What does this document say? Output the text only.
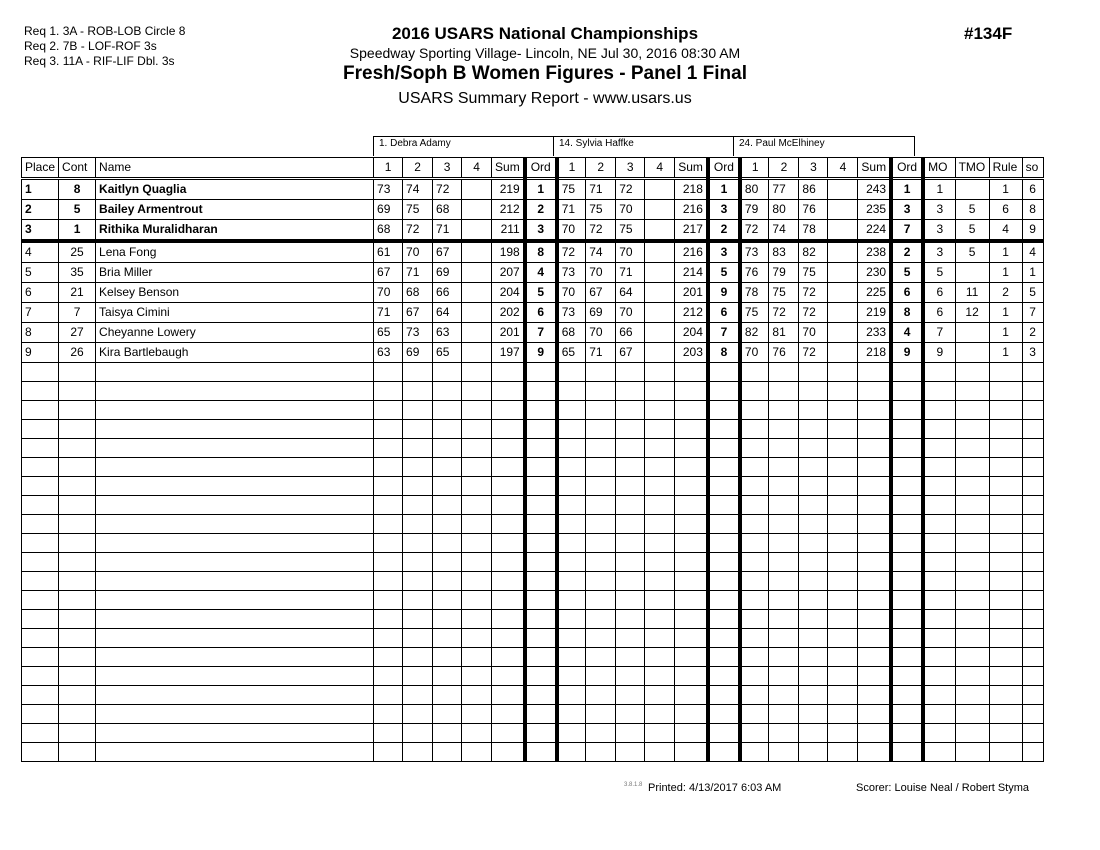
Req 1. 3A - ROB-LOB Circle 8
Req 2. 7B - LOF-ROF 3s
Req 3. 11A - RIF-LIF Dbl. 3s
2016 USARS National Championships
Speedway Sporting Village- Lincoln, NE Jul 30, 2016 08:30 AM
Fresh/Soph B Women Figures - Panel 1 Final
USARS Summary Report - www.usars.us
#134F
1. Debra Adamy	14. Sylvia Haffke	24. Paul McElhiney
Place	Cont	Name	1	2	3	4	Sum	Ord	1	2	3	4	Sum	Ord	1	2	3	4	Sum	Ord	MO	TMO	Rule	so
1	8	Kaitlyn Quaglia	73	74	72		219	1	75	71	72		218	1	80	77	86		243	1	1		1	6
2	5	Bailey Armentrout	69	75	68		212	2	71	75	70		216	3	79	80	76		235	3	3	5	6	8
3	1	Rithika Muralidharan	68	72	71		211	3	70	72	75		217	2	72	74	78		224	7	3	5	4	9
4	25	Lena Fong	61	70	67		198	8	72	74	70		216	3	73	83	82		238	2	3	5	1	4
5	35	Bria Miller	67	71	69		207	4	73	70	71		214	5	76	79	75		230	5	5		1	1
6	21	Kelsey Benson	70	68	66		204	5	70	67	64		201	9	78	75	72		225	6	6	11	2	5
7	7	Taisya Cimini	71	67	64		202	6	73	69	70		212	6	75	72	72		219	8	6	12	1	7
8	27	Cheyanne Lowery	65	73	63		201	7	68	70	66		204	7	82	81	70		233	4	7		1	2
9	26	Kira Bartlebaugh	63	69	65		197	9	65	71	67		203	8	70	76	72		218	9	9		1	3

3.8.1.8 Printed: 4/13/2017 6:03 AM	Scorer: Louise Neal / Robert Styma
